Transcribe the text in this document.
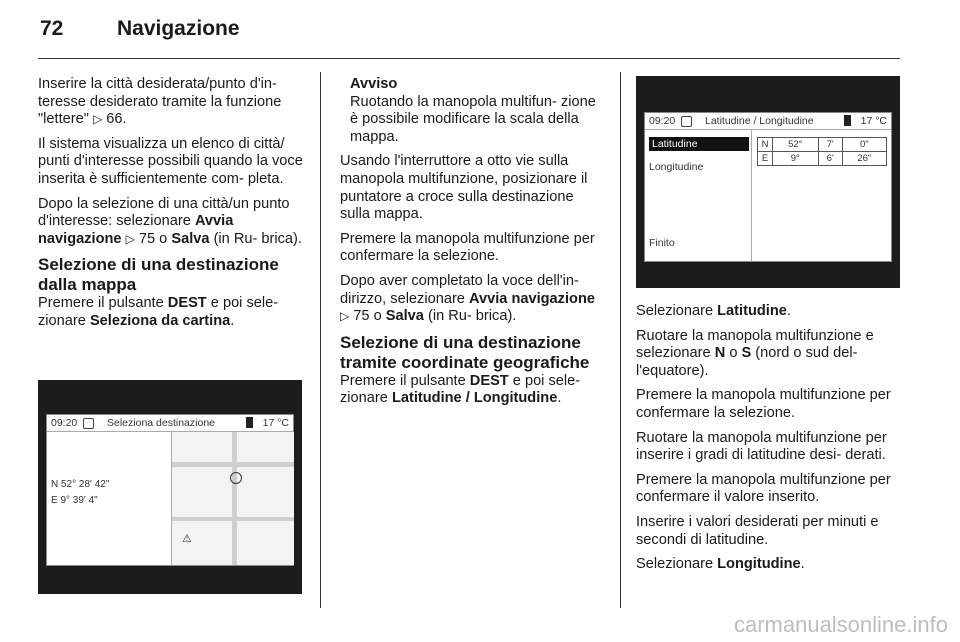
72	Navigazione

Inserire la città desiderata/punto d'in- teresse desiderato tramite la funzione "lettere" ▷ 66.

Il sistema visualizza un elenco di città/ punti d'interesse possibili quando la voce inserita è sufficientemente com- pleta.

Dopo la selezione di una città/un punto d'interesse: selezionare Avvia navigazione ▷ 75 o Salva (in Ru- brica).

Selezione di una destinazione dalla mappa

Premere il pulsante DEST e poi sele- zionare Seleziona da cartina.

09:20	Seleziona destinazione	17 °C
N 52° 28' 42"
E 9° 39' 4"
⚠
Avviso
Ruotando la manopola multifun- zione è possibile modificare la scala della mappa.

Usando l'interruttore a otto vie sulla manopola multifunzione, posizionare il puntatore a croce sulla destinazione sulla mappa.

Premere la manopola multifunzione per confermare la selezione.

Dopo aver completato la voce dell'in- dirizzo, selezionare Avvia navigazione ▷ 75 o Salva (in Ru- brica).

Selezione di una destinazione tramite coordinate geografiche

Premere il pulsante DEST e poi sele- zionare Latitudine / Longitudine.

09:20	Latitudine / Longitudine	17 °C
Latitudine
Longitudine
Finito
N	52°	7'	0"
E	9°	6'	26"

Selezionare Latitudine.

Ruotare la manopola multifunzione e selezionare N o S (nord o sud del- l'equatore).

Premere la manopola multifunzione per confermare la selezione.

Ruotare la manopola multifunzione per inserire i gradi di latitudine desi- derati.

Premere la manopola multifunzione per confermare il valore inserito.

Inserire i valori desiderati per minuti e secondi di latitudine.

Selezionare Longitudine.

carmanualsonline.info
